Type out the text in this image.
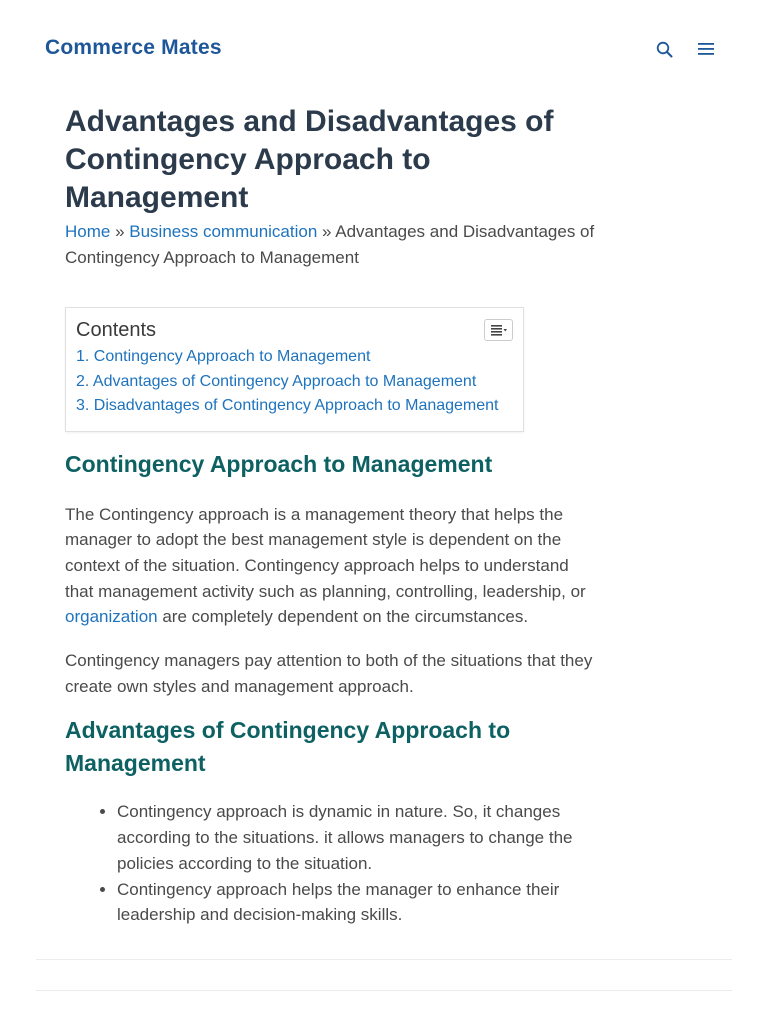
Commerce Mates
Advantages and Disadvantages of Contingency Approach to Management
Home » Business communication » Advantages and Disadvantages of Contingency Approach to Management
Contents
1. Contingency Approach to Management
2. Advantages of Contingency Approach to Management
3. Disadvantages of Contingency Approach to Management
Contingency Approach to Management

The Contingency approach is a management theory that helps the manager to adopt the best management style is dependent on the context of the situation. Contingency approach helps to understand that management activity such as planning, controlling, leadership, or organization are completely dependent on the circumstances.

Contingency managers pay attention to both of the situations that they create own styles and management approach.

Advantages of Contingency Approach to Management
• Contingency approach is dynamic in nature. So, it changes according to the situations. it allows managers to change the policies according to the situation.
• Contingency approach helps the manager to enhance their leadership and decision-making skills.
